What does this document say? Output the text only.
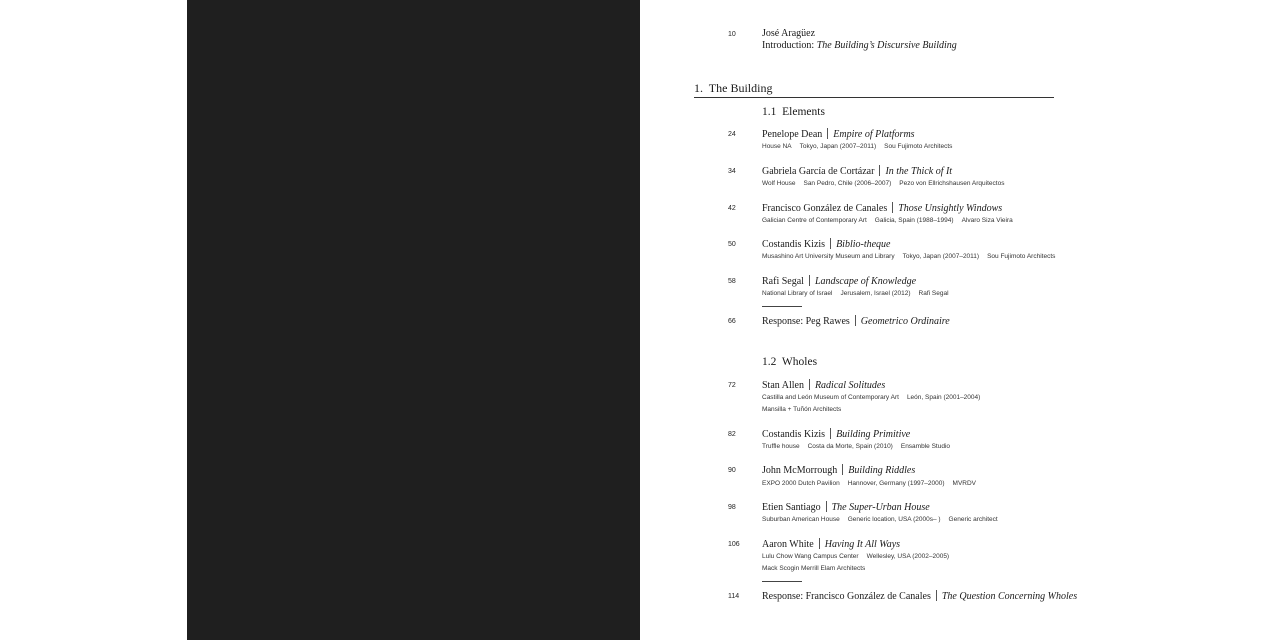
10	José Aragüez
Introduction: The Building’s Discursive Building
1. The Building
1.1 Elements
24	Penelope Dean Empire of Platforms
House NA Tokyo, Japan (2007–2011) Sou Fujimoto Architects
34	Gabriela García de Cortázar In the Thick of It
Wolf House San Pedro, Chile (2006–2007) Pezo von Ellrichshausen Arquitectos
42	Francisco González de Canales Those Unsightly Windows
Galician Centre of Contemporary Art Galicia, Spain (1988–1994) Alvaro Siza Vieira
50	Costandis Kizis Biblio-theque
Musashino Art University Museum and Library Tokyo, Japan (2007–2011) Sou Fujimoto Architects
58	Rafi Segal Landscape of Knowledge
National Library of Israel Jerusalem, Israel (2012) Rafi Segal
66	Response: Peg Rawes Geometrico Ordinaire
1.2 Wholes
72	Stan Allen Radical Solitudes
Castilla and León Museum of Contemporary Art León, Spain (2001–2004)
Mansilla + Tuñón Architects
82	Costandis Kizis Building Primitive
Truffle house Costa da Morte, Spain (2010) Ensamble Studio
90	John McMorrough Building Riddles
EXPO 2000 Dutch Pavilion Hannover, Germany (1997–2000) MVRDV
98	Etien Santiago The Super-Urban House
Suburban American House Generic location, USA (2000s– ) Generic architect
106 Aaron White Having It All Ways
Lulu Chow Wang Campus Center Wellesley, USA (2002–2005)
Mack Scogin Merrill Elam Architects
114 Response: Francisco González de Canales The Question Concerning Wholes
